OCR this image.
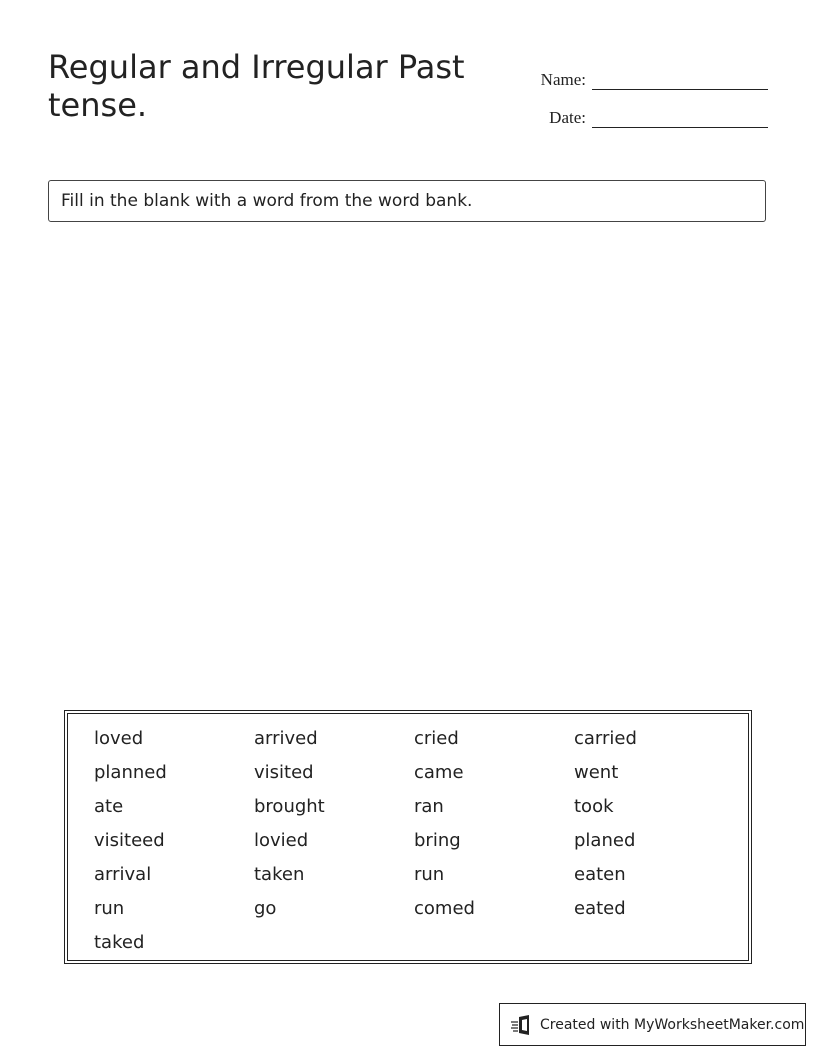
Regular and Irregular Past tense.
Name:
Date:
Fill in the blank with a word from the word bank.
loved	arrived	cried	carried
planned	visited	came	went
ate	brought	ran	took
visiteed	lovied	bring	planed
arrival	taken	run	eaten
run	go	comed	eated
taked
Created with MyWorksheetMaker.com
